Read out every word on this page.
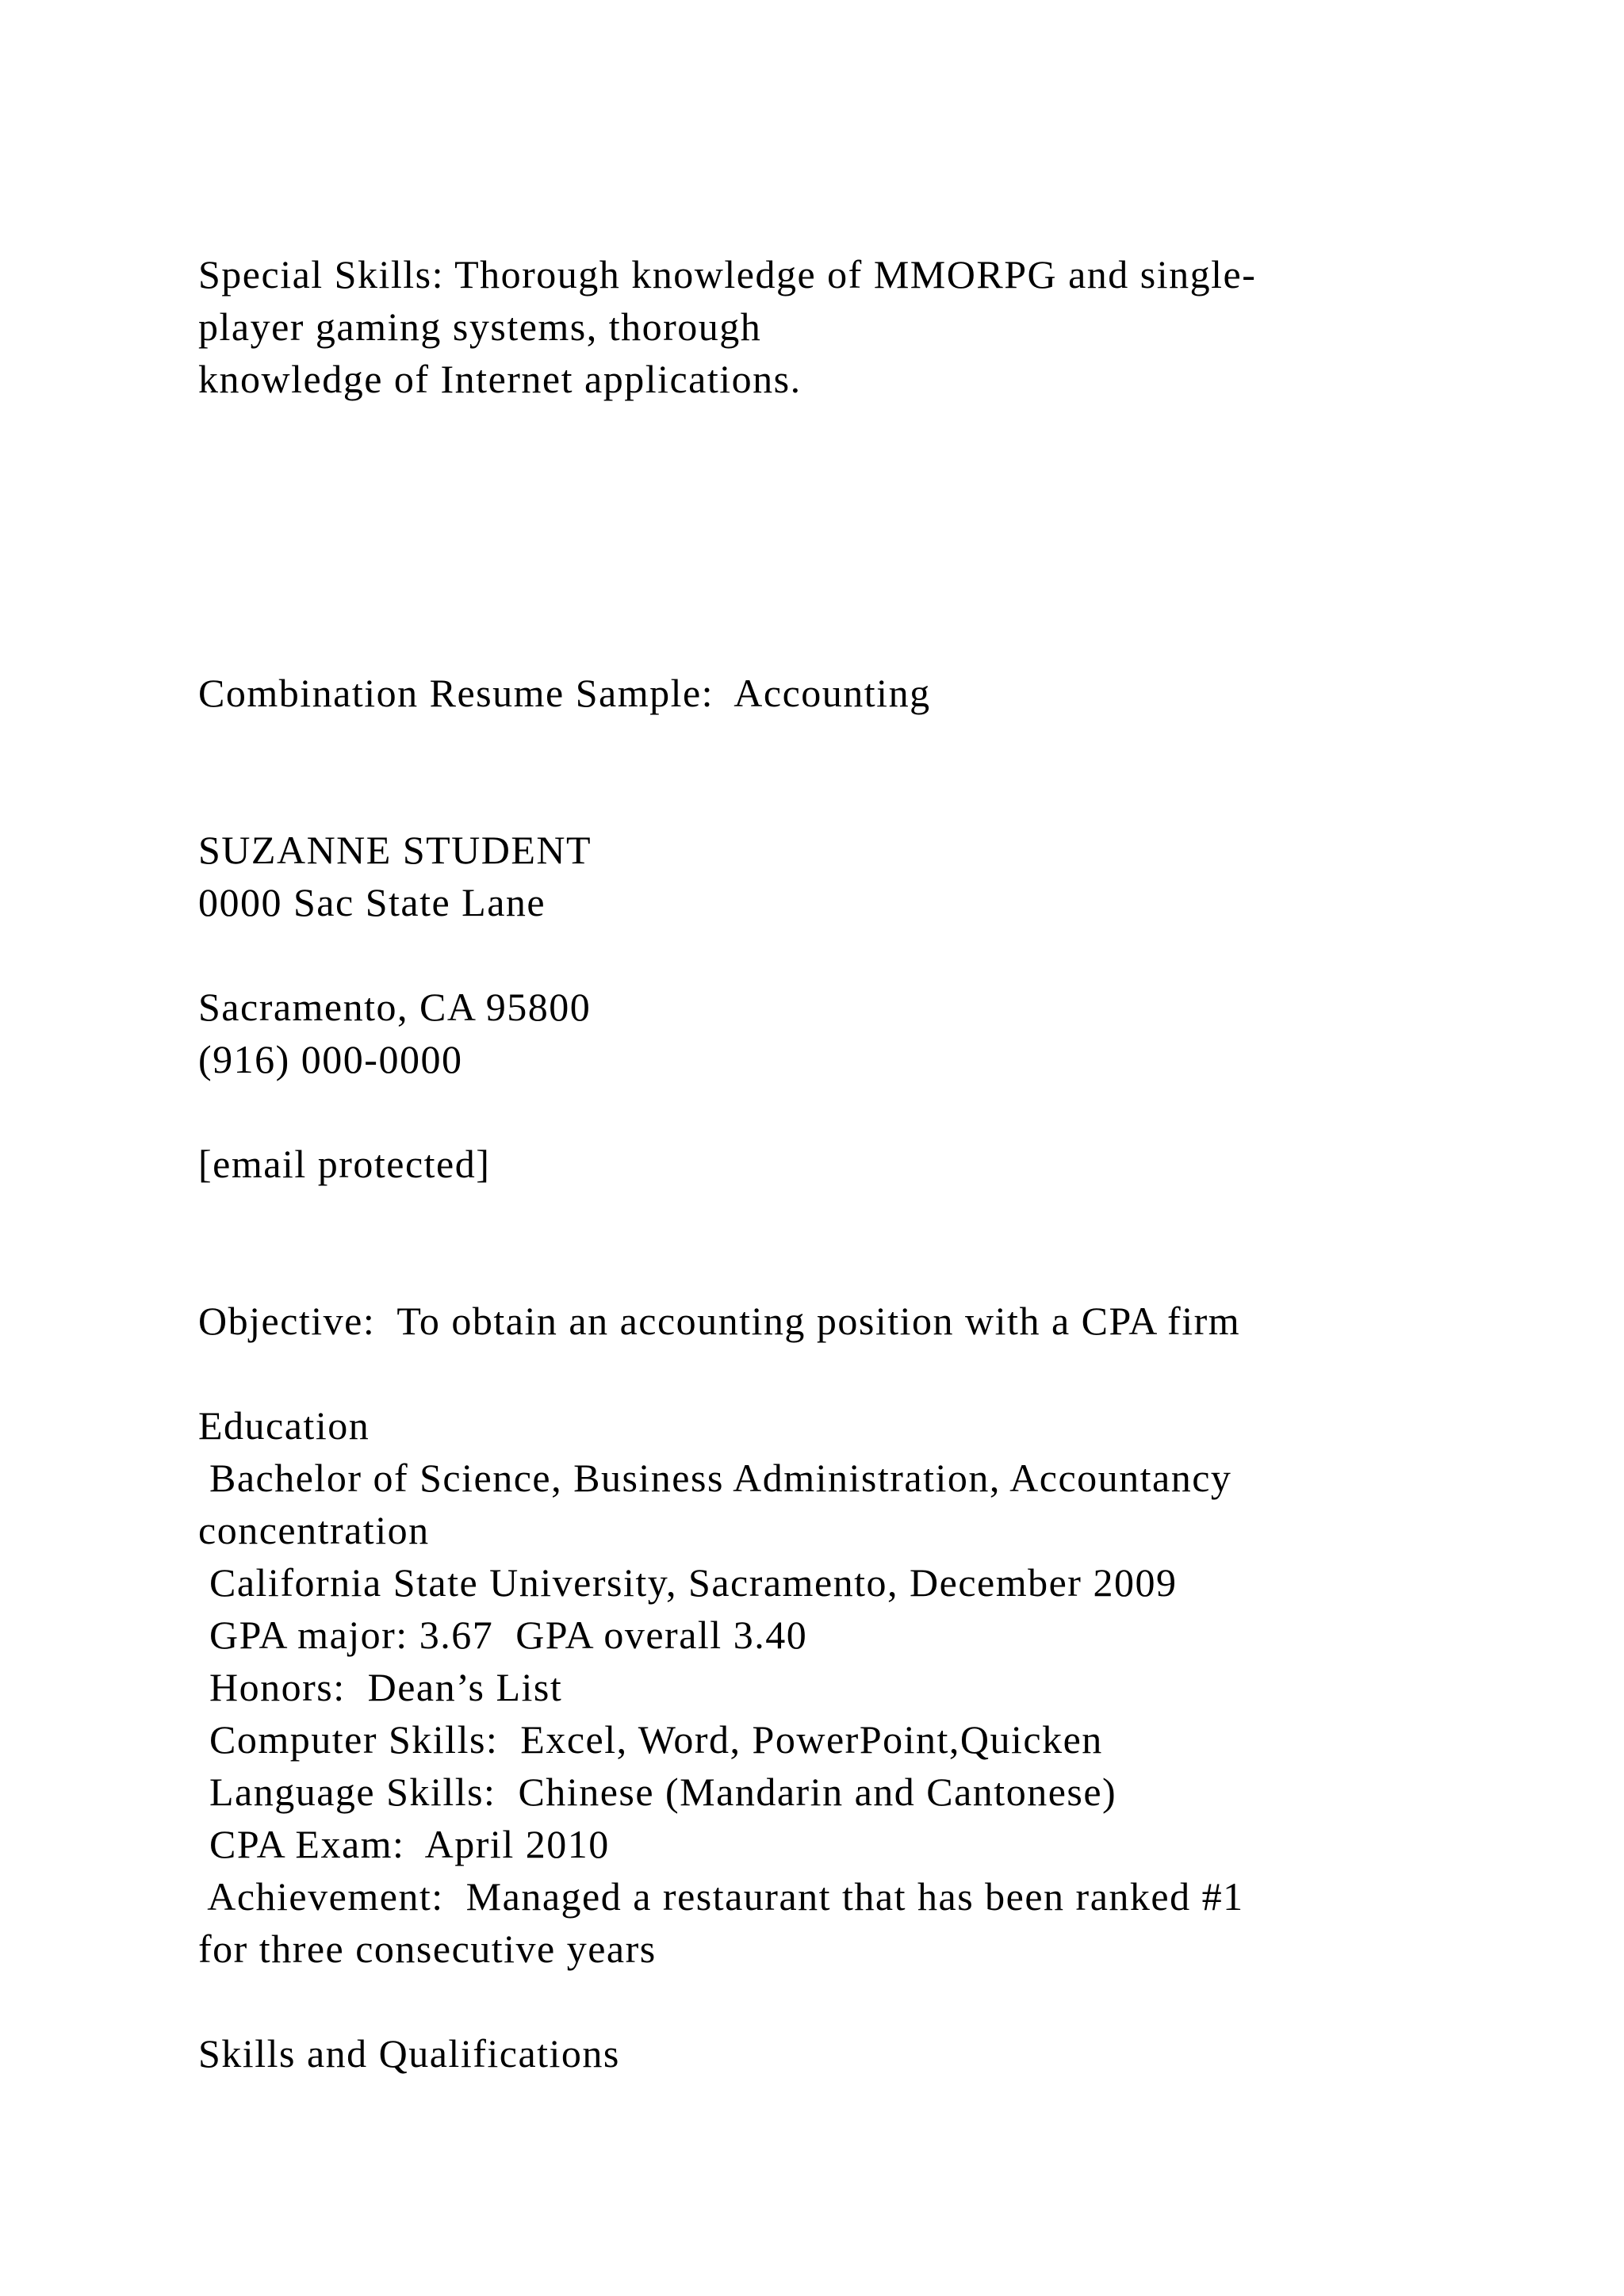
Special Skills: Thorough knowledge of MMORPG and single-
player gaming systems, thorough
knowledge of Internet applications.
Combination Resume Sample:  Accounting
SUZANNE STUDENT
0000 Sac State Lane
Sacramento, CA 95800
(916) 000-0000
[email protected]
Objective:  To obtain an accounting position with a CPA firm
Education
Bachelor of Science, Business Administration, Accountancy
concentration
California State University, Sacramento, December 2009
GPA major: 3.67  GPA overall 3.40
Honors:  Dean’s List
Computer Skills:  Excel, Word, PowerPoint,Quicken
Language Skills:  Chinese (Mandarin and Cantonese)
CPA Exam:  April 2010
Achievement:  Managed a restaurant that has been ranked #1
for three consecutive years
Skills and Qualifications
